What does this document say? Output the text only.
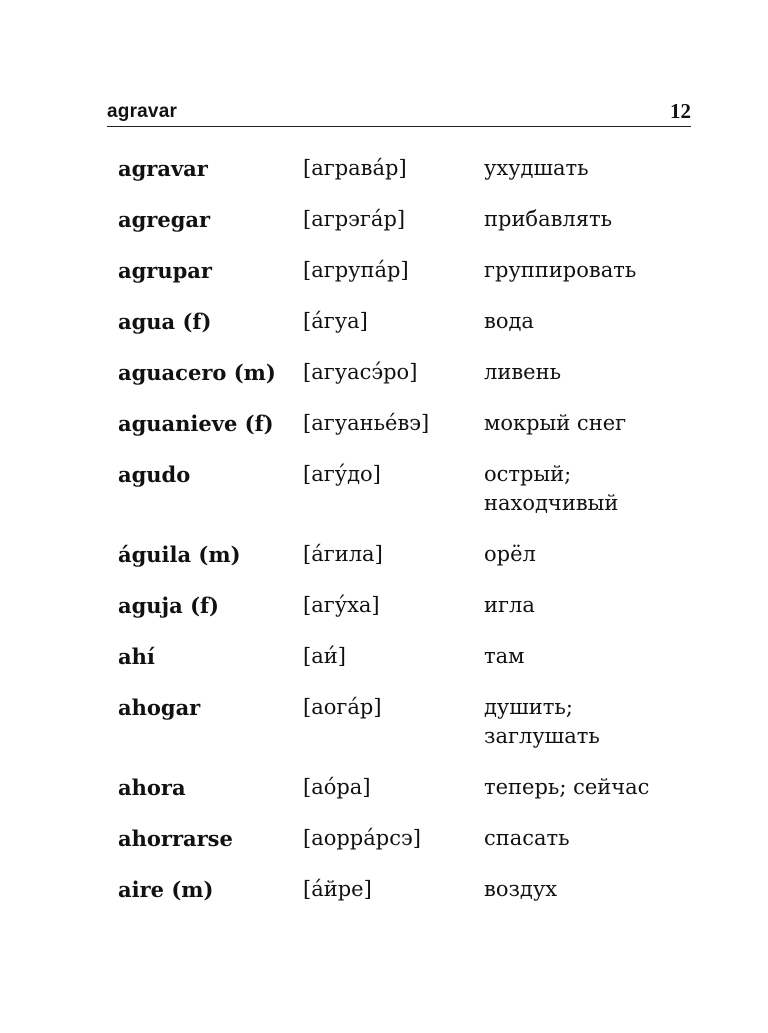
agravar	12
agravar	[агравáр]	ухудшать
agregar	[агрэгáр]	прибавлять
agrupar	[агрупáр]	группировать
agua (f)	[áгуа]	вода
aguacero (m) [агуасэ́ро]	ливень
aguanieve (f) [агуаньéвэ]	мокрый снег
agudo	[агу́до]	острый; находчивый
águila (m)	[áгила]	орёл
aguja (f)	[агу́ха]	игла
ahí	[аи́]	там
ahogar	[аогáр]	душить; заглушать
ahora	[аóра]	теперь; сейчас
ahorrarse	[аоррáрсэ]	спасать
aire (m)	[áйре]	воздух
